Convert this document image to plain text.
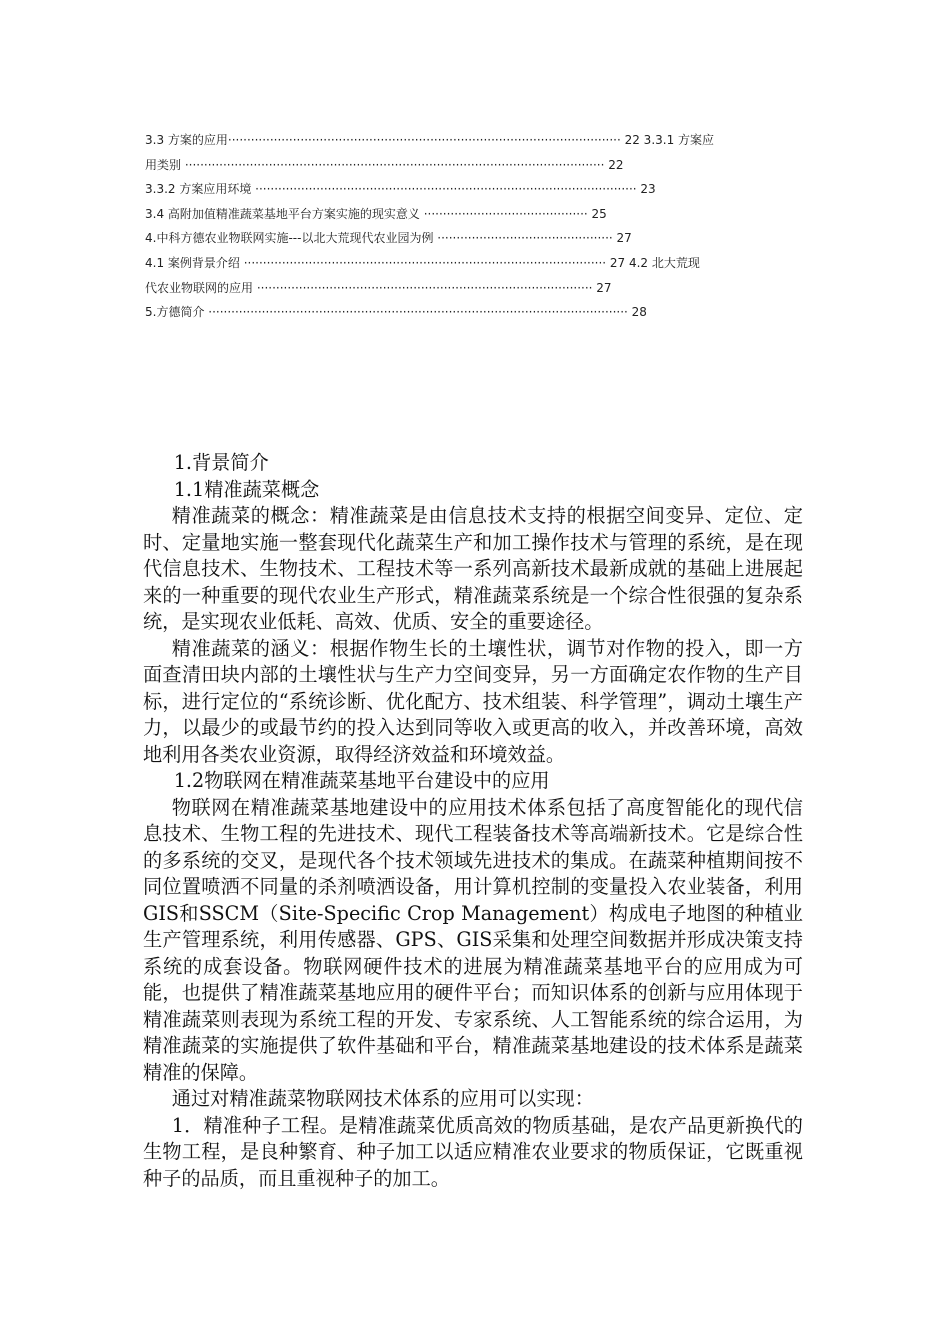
3.3 方案的应用······································································································· 22 3.3.1 方案应
用类别 ·············································································································· 22
3.3.2 方案应用环境 ···································································································· 23
3.4 高附加值精准蔬菜基地平台方案实施的现实意义 ··········································· 25
4.中科方德农业物联网实施---以北大荒现代农业园为例 ·············································· 27
4.1 案例背景介绍 ······························································································· 27 4.2 北大荒现
代农业物联网的应用 ························································································ 27
5.方德简介 ·············································································································· 28

1.背景简介

1.1精准蔬菜概念

精准蔬菜的概念：精准蔬菜是由信息技术支持的根据空间变异、定位、定时、定量地实施一整套现代化蔬菜生产和加工操作技术与管理的系统，是在现代信息技术、生物技术、工程技术等一系列高新技术最新成就的基础上进展起来的一种重要的现代农业生产形式，精准蔬菜系统是一个综合性很强的复杂系统，是实现农业低耗、高效、优质、安全的重要途径。

精准蔬菜的涵义：根据作物生长的土壤性状，调节对作物的投入，即一方面查清田块内部的土壤性状与生产力空间变异，另一方面确定农作物的生产目标，进行定位的“系统诊断、优化配方、技术组装、科学管理”，调动土壤生产力，以最少的或最节约的投入达到同等收入或更高的收入，并改善环境，高效地利用各类农业资源，取得经济效益和环境效益。

1.2物联网在精准蔬菜基地平台建设中的应用

物联网在精准蔬菜基地建设中的应用技术体系包括了高度智能化的现代信息技术、生物工程的先进技术、现代工程装备技术等高端新技术。它是综合性的多系统的交叉，是现代各个技术领域先进技术的集成。在蔬菜种植期间按不同位置喷洒不同量的杀剂喷洒设备，用计算机控制的变量投入农业装备，利用GIS和SSCM（Site-Specific Crop Management）构成电子地图的种植业生产管理系统，利用传感器、GPS、GIS采集和处理空间数据并形成决策支持系统的成套设备。物联网硬件技术的进展为精准蔬菜基地平台的应用成为可能，也提供了精准蔬菜基地应用的硬件平台；而知识体系的创新与应用体现于精准蔬菜则表现为系统工程的开发、专家系统、人工智能系统的综合运用，为精准蔬菜的实施提供了软件基础和平台，精准蔬菜基地建设的技术体系是蔬菜精准的保障。

通过对精准蔬菜物联网技术体系的应用可以实现：

1．精准种子工程。是精准蔬菜优质高效的物质基础，是农产品更新换代的生物工程，是良种繁育、种子加工以适应精准农业要求的物质保证，它既重视种子的品质，而且重视种子的加工。
